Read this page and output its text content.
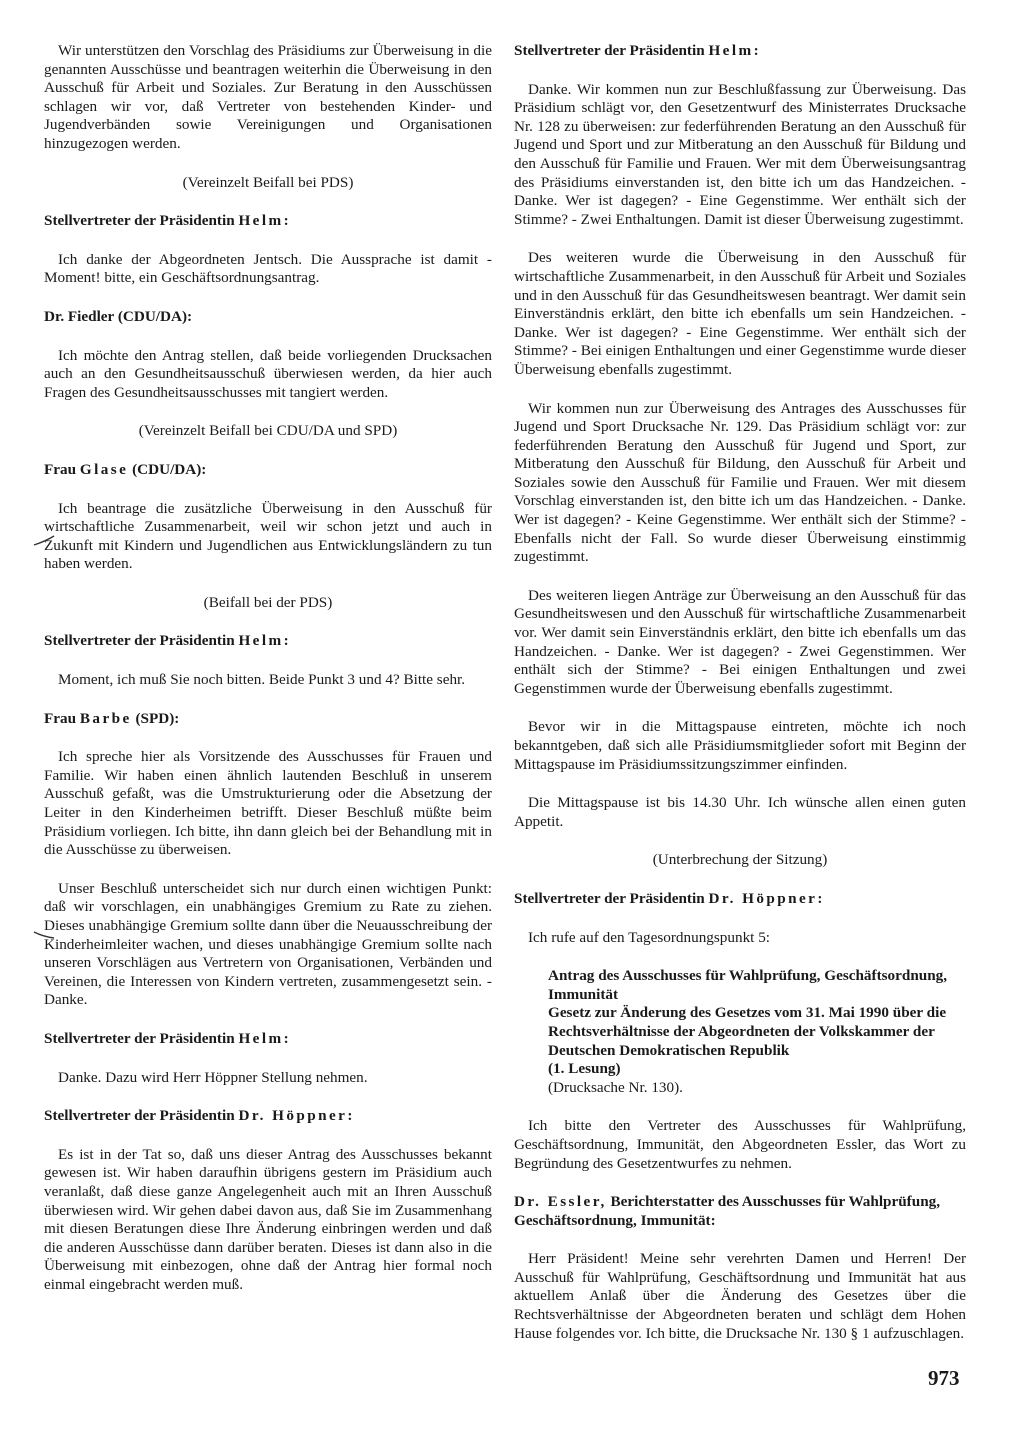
Wir unterstützen den Vorschlag des Präsidiums zur Überweisung in die genannten Ausschüsse und beantragen weiterhin die Überweisung in den Ausschuß für Arbeit und Soziales. Zur Beratung in den Ausschüssen schlagen wir vor, daß Vertreter von bestehenden Kinder- und Jugendverbänden sowie Vereinigungen und Organisationen hinzugezogen werden.

(Vereinzelt Beifall bei PDS)

Stellvertreter der Präsidentin Helm:

Ich danke der Abgeordneten Jentsch. Die Aussprache ist damit - Moment! bitte, ein Geschäftsordnungsantrag.

Dr. Fiedler (CDU/DA):

Ich möchte den Antrag stellen, daß beide vorliegenden Drucksachen auch an den Gesundheitsausschuß überwiesen werden, da hier auch Fragen des Gesundheitsausschusses mit tangiert werden.

(Vereinzelt Beifall bei CDU/DA und SPD)

Frau Glase (CDU/DA):

Ich beantrage die zusätzliche Überweisung in den Ausschuß für wirtschaftliche Zusammenarbeit, weil wir schon jetzt und auch in Zukunft mit Kindern und Jugendlichen aus Entwicklungsländern zu tun haben werden.

(Beifall bei der PDS)

Stellvertreter der Präsidentin Helm:

Moment, ich muß Sie noch bitten. Beide Punkt 3 und 4? Bitte sehr.

Frau Barbe (SPD):

Ich spreche hier als Vorsitzende des Ausschusses für Frauen und Familie. Wir haben einen ähnlich lautenden Beschluß in unserem Ausschuß gefaßt, was die Umstrukturierung oder die Absetzung der Leiter in den Kinderheimen betrifft. Dieser Beschluß müßte beim Präsidium vorliegen. Ich bitte, ihn dann gleich bei der Behandlung mit in die Ausschüsse zu überweisen.

Unser Beschluß unterscheidet sich nur durch einen wichtigen Punkt: daß wir vorschlagen, ein unabhängiges Gremium zu Rate zu ziehen. Dieses unabhängige Gremium sollte dann über die Neuausschreibung der Kinderheimleiter wachen, und dieses unabhängige Gremium sollte nach unseren Vorschlägen aus Vertretern von Organisationen, Verbänden und Vereinen, die Interessen von Kindern vertreten, zusammengesetzt sein. - Danke.

Stellvertreter der Präsidentin Helm:

Danke. Dazu wird Herr Höppner Stellung nehmen.

Stellvertreter der Präsidentin Dr. Höppner:

Es ist in der Tat so, daß uns dieser Antrag des Ausschusses bekannt gewesen ist. Wir haben daraufhin übrigens gestern im Präsidium auch veranlaßt, daß diese ganze Angelegenheit auch mit an Ihren Ausschuß überwiesen wird. Wir gehen dabei davon aus, daß Sie im Zusammenhang mit diesen Beratungen diese Ihre Änderung einbringen werden und daß die anderen Ausschüsse dann darüber beraten. Dieses ist dann also in die Überweisung mit einbezogen, ohne daß der Antrag hier formal noch einmal eingebracht werden muß.

Stellvertreter der Präsidentin Helm:

Danke. Wir kommen nun zur Beschlußfassung zur Überweisung. Das Präsidium schlägt vor, den Gesetzentwurf des Ministerrates Drucksache Nr. 128 zu überweisen: zur federführenden Beratung an den Ausschuß für Jugend und Sport und zur Mitberatung an den Ausschuß für Bildung und den Ausschuß für Familie und Frauen. Wer mit dem Überweisungsantrag des Präsidiums einverstanden ist, den bitte ich um das Handzeichen. - Danke. Wer ist dagegen? - Eine Gegenstimme. Wer enthält sich der Stimme? - Zwei Enthaltungen. Damit ist dieser Überweisung zugestimmt.

Des weiteren wurde die Überweisung in den Ausschuß für wirtschaftliche Zusammenarbeit, in den Ausschuß für Arbeit und Soziales und in den Ausschuß für das Gesundheitswesen beantragt. Wer damit sein Einverständnis erklärt, den bitte ich ebenfalls um sein Handzeichen. - Danke. Wer ist dagegen? - Eine Gegenstimme. Wer enthält sich der Stimme? - Bei einigen Enthaltungen und einer Gegenstimme wurde dieser Überweisung ebenfalls zugestimmt.

Wir kommen nun zur Überweisung des Antrages des Ausschusses für Jugend und Sport Drucksache Nr. 129. Das Präsidium schlägt vor: zur federführenden Beratung den Ausschuß für Jugend und Sport, zur Mitberatung den Ausschuß für Bildung, den Ausschuß für Arbeit und Soziales sowie den Ausschuß für Familie und Frauen. Wer mit diesem Vorschlag einverstanden ist, den bitte ich um das Handzeichen. - Danke. Wer ist dagegen? - Keine Gegenstimme. Wer enthält sich der Stimme? - Ebenfalls nicht der Fall. So wurde dieser Überweisung einstimmig zugestimmt.

Des weiteren liegen Anträge zur Überweisung an den Ausschuß für das Gesundheitswesen und den Ausschuß für wirtschaftliche Zusammenarbeit vor. Wer damit sein Einverständnis erklärt, den bitte ich ebenfalls um das Handzeichen. - Danke. Wer ist dagegen? - Zwei Gegenstimmen. Wer enthält sich der Stimme? - Bei einigen Enthaltungen und zwei Gegenstimmen wurde der Überweisung ebenfalls zugestimmt.

Bevor wir in die Mittagspause eintreten, möchte ich noch bekanntgeben, daß sich alle Präsidiumsmitglieder sofort mit Beginn der Mittagspause im Präsidiumssitzungszimmer einfinden.

Die Mittagspause ist bis 14.30 Uhr. Ich wünsche allen einen guten Appetit.

(Unterbrechung der Sitzung)

Stellvertreter der Präsidentin Dr. Höppner:

Ich rufe auf den Tagesordnungspunkt 5:

Antrag des Ausschusses für Wahlprüfung, Geschäftsordnung, Immunität
Gesetz zur Änderung des Gesetzes vom 31. Mai 1990 über die Rechtsverhältnisse der Abgeordneten der Volkskammer der Deutschen Demokratischen Republik
(1. Lesung)
(Drucksache Nr. 130).

Ich bitte den Vertreter des Ausschusses für Wahlprüfung, Geschäftsordnung, Immunität, den Abgeordneten Essler, das Wort zu Begründung des Gesetzentwurfes zu nehmen.

Dr. Essler, Berichterstatter des Ausschusses für Wahlprüfung, Geschäftsordnung, Immunität:

Herr Präsident! Meine sehr verehrten Damen und Herren! Der Ausschuß für Wahlprüfung, Geschäftsordnung und Immunität hat aus aktuellem Anlaß über die Änderung des Gesetzes über die Rechtsverhältnisse der Abgeordneten beraten und schlägt dem Hohen Hause folgendes vor. Ich bitte, die Drucksache Nr. 130 § 1 aufzuschlagen.

973
